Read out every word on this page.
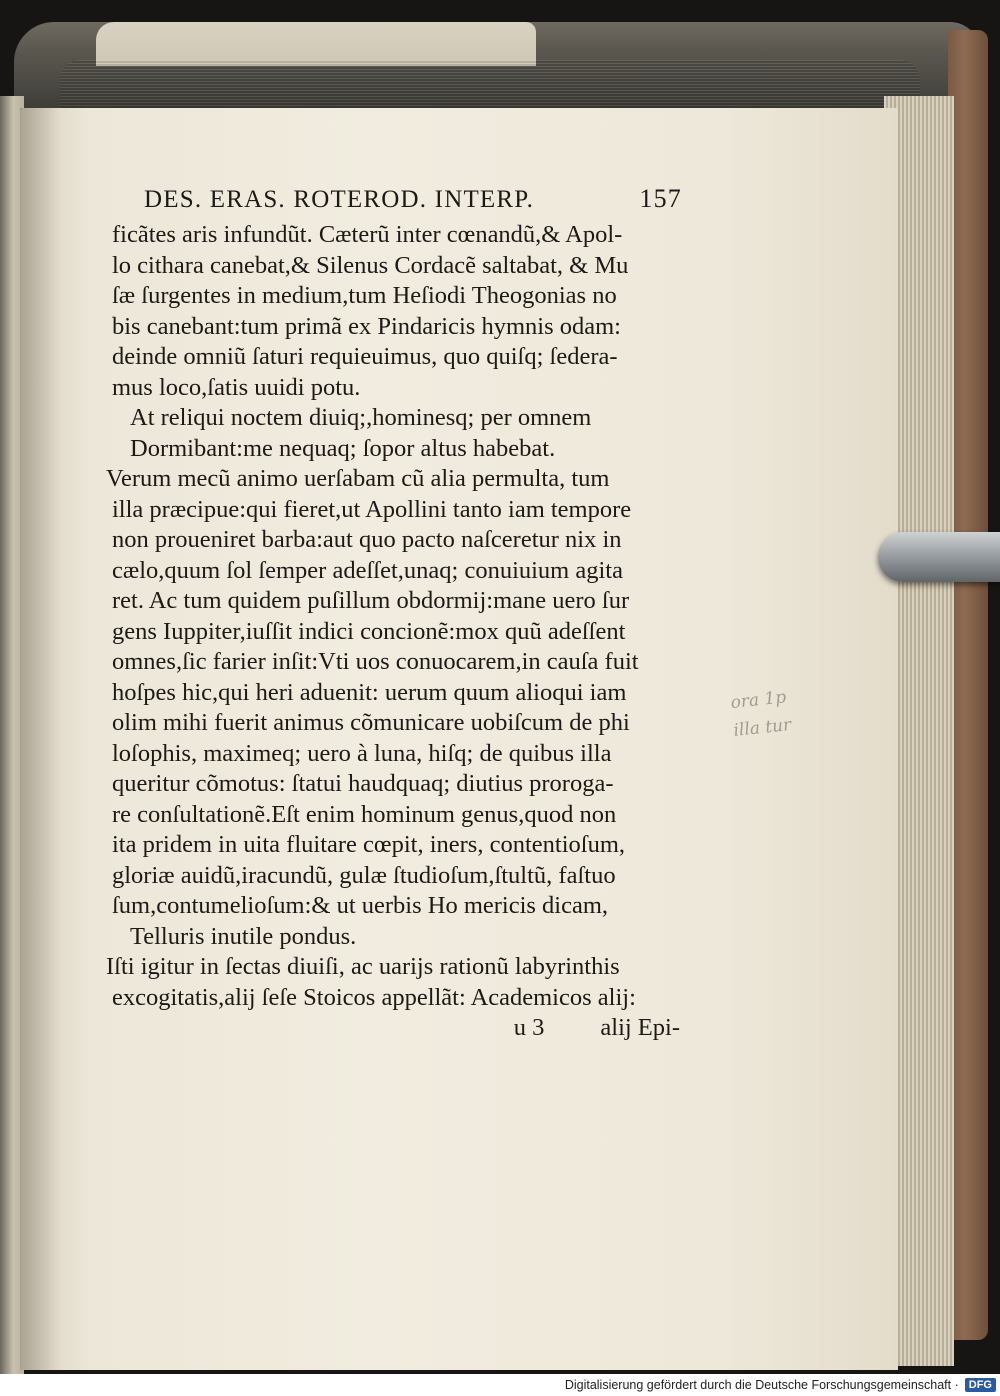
ora 1p
illa tur
DES. ERAS. ROTEROD. INTERP.	157
ficãtes aris infundũt. Cæterũ inter cœnandũ,& Apol-
lo cithara canebat,& Silenus Cordacẽ saltabat, & Mu
ſæ ſurgentes in medium,tum Heſiodi Theogonias no
bis canebant:tum primã ex Pindaricis hymnis odam:
deinde omniũ ſaturi requieuimus, quo quiſq; ſedera-
mus loco,ſatis uuidi potu.
At reliqui noctem diuiq;,hominesq; per omnem
Dormibant:me nequaq; ſopor altus habebat.
Verum mecũ animo uerſabam cũ alia permulta, tum
illa præcipue:qui fieret,ut Apollini tanto iam tempore
non proueniret barba:aut quo pacto naſceretur nix in
cælo,quum ſol ſemper adeſſet,unaq; conuiuium agita
ret. Ac tum quidem puſillum obdormij:mane uero ſur
gens Iuppiter,iuſſit indici concionẽ:mox quũ adeſſent
omnes,ſic farier inſit:Vti uos conuocarem,in cauſa fuit
hoſpes hic,qui heri aduenit: uerum quum alioqui iam
olim mihi fuerit animus cõmunicare uobiſcum de phi
loſophis, maximeq; uero à luna, hiſq; de quibus illa
queritur cõmotus: ſtatui haudquaq; diutius proroga-
re conſultationẽ.Eſt enim hominum genus,quod non
ita pridem in uita fluitare cœpit, iners, contentioſum,
gloriæ auidũ,iracundũ, gulæ ſtudioſum,ſtultũ, faſtuo
ſum,contumelioſum:& ut uerbis Ho mericis dicam,
Telluris inutile pondus.
Iſti igitur in ſectas diuiſi, ac uarijs rationũ labyrinthis
excogitatis,alij ſeſe Stoicos appellãt: Academicos alij:
u 3 alij Epi-
Digitalisierung gefördert durch die Deutsche Forschungsgemeinschaft · DFG
